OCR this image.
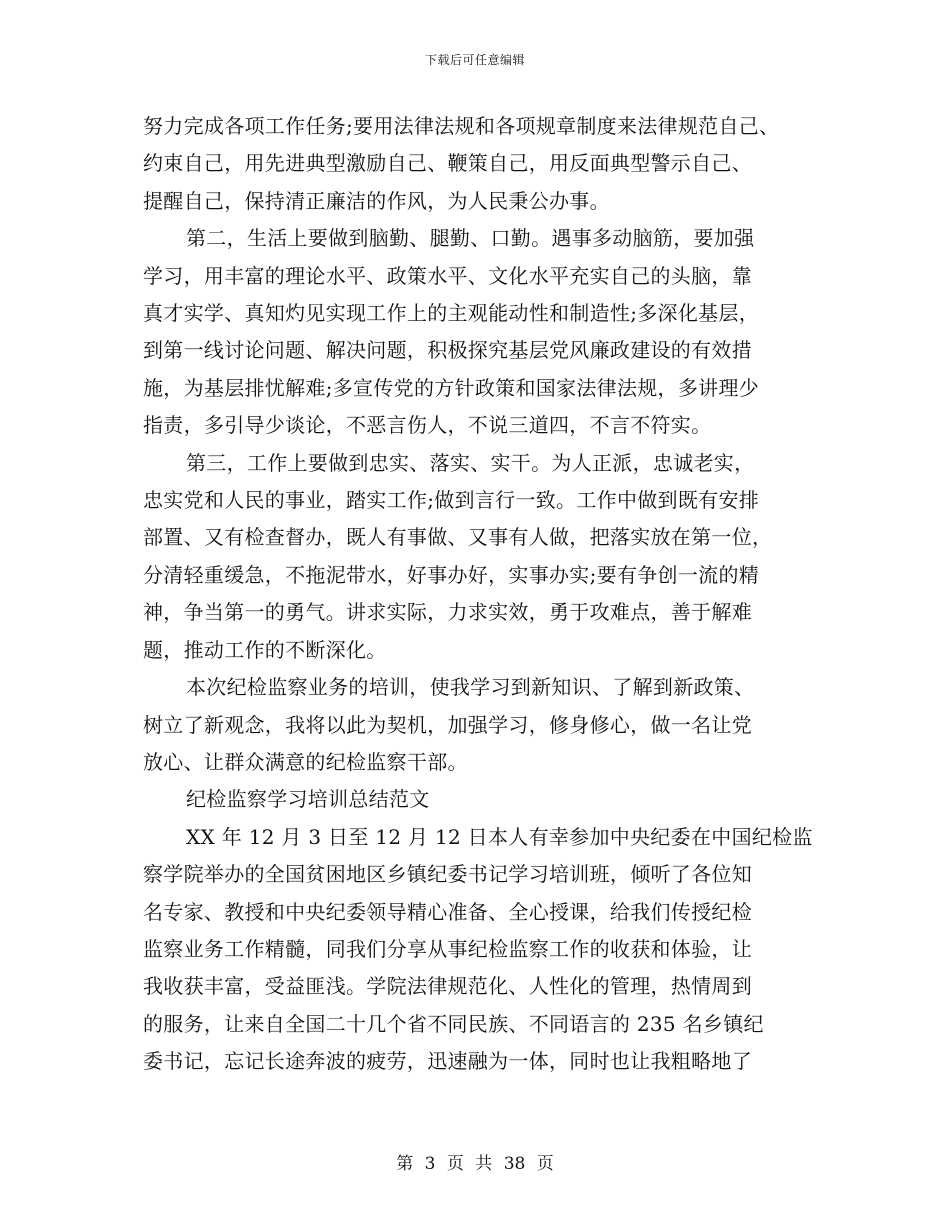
下载后可任意编辑
努力完成各项工作任务;要用法律法规和各项规章制度来法律规范自己、
约束自己，用先进典型激励自己、鞭策自己，用反面典型警示自己、
提醒自己，保持清正廉洁的作风，为人民秉公办事。
第二，生活上要做到脑勤、腿勤、口勤。遇事多动脑筋，要加强
学习，用丰富的理论水平、政策水平、文化水平充实自己的头脑，靠
真才实学、真知灼见实现工作上的主观能动性和制造性;多深化基层，
到第一线讨论问题、解决问题，积极探究基层党风廉政建设的有效措
施，为基层排忧解难;多宣传党的方针政策和国家法律法规，多讲理少
指责，多引导少谈论，不恶言伤人，不说三道四，不言不符实。
第三，工作上要做到忠实、落实、实干。为人正派，忠诚老实，
忠实党和人民的事业，踏实工作;做到言行一致。工作中做到既有安排
部置、又有检查督办，既人有事做、又事有人做，把落实放在第一位，
分清轻重缓急，不拖泥带水，好事办好，实事办实;要有争创一流的精
神，争当第一的勇气。讲求实际，力求实效，勇于攻难点，善于解难
题，推动工作的不断深化。
本次纪检监察业务的培训，使我学习到新知识、了解到新政策、
树立了新观念，我将以此为契机，加强学习，修身修心，做一名让党
放心、让群众满意的纪检监察干部。
纪检监察学习培训总结范文
XX 年 12 月 3 日至 12 月 12 日本人有幸参加中央纪委在中国纪检监
察学院举办的全国贫困地区乡镇纪委书记学习培训班，倾听了各位知
名专家、教授和中央纪委领导精心准备、全心授课，给我们传授纪检
监察业务工作精髓，同我们分享从事纪检监察工作的收获和体验，让
我收获丰富，受益匪浅。学院法律规范化、人性化的管理，热情周到
的服务，让来自全国二十几个省不同民族、不同语言的 235 名乡镇纪
委书记，忘记长途奔波的疲劳，迅速融为一体，同时也让我粗略地了
第 3 页 共 38 页
